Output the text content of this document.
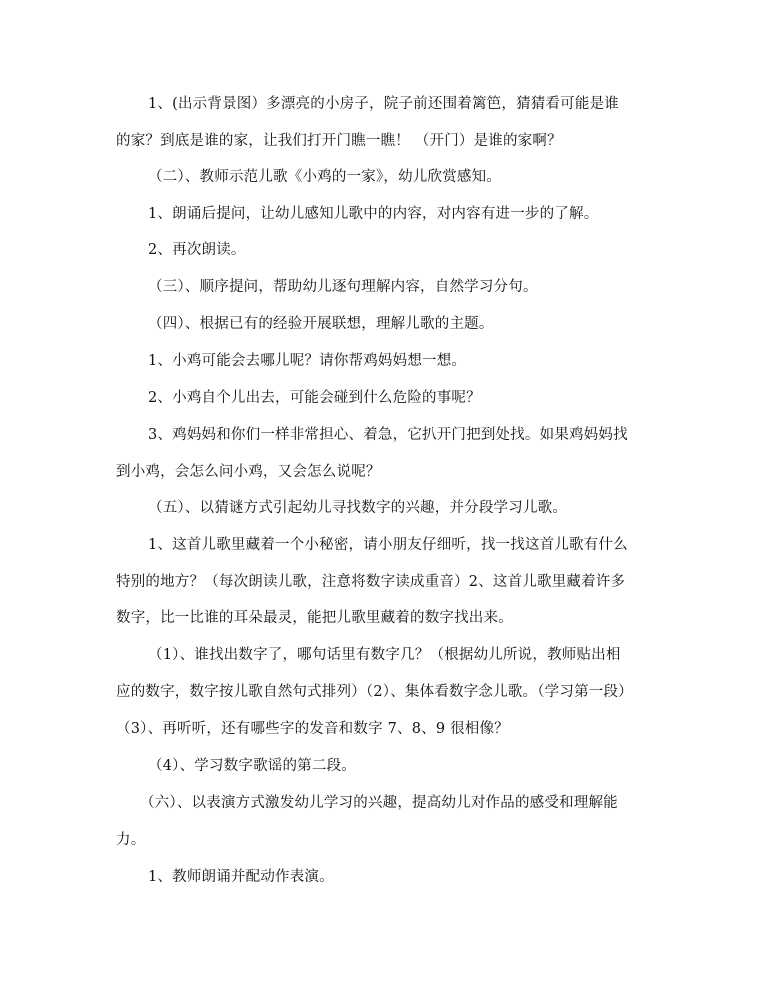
1、(出示背景图）多漂亮的小房子，院子前还围着篱笆，猜猜看可能是谁
的家？到底是谁的家，让我们打开门瞧一瞧！ （开门）是谁的家啊？
（二）、教师示范儿歌《小鸡的一家》，幼儿欣赏感知。
1、朗诵后提问，让幼儿感知儿歌中的内容，对内容有进一步的了解。
2、再次朗读。
（三）、顺序提问，帮助幼儿逐句理解内容，自然学习分句。
（四）、根据已有的经验开展联想，理解儿歌的主题。
1、小鸡可能会去哪儿呢？请你帮鸡妈妈想一想。
2、小鸡自个儿出去，可能会碰到什么危险的事呢？
3、鸡妈妈和你们一样非常担心、着急，它扒开门把到处找。如果鸡妈妈找
到小鸡，会怎么问小鸡，又会怎么说呢？
（五）、以猜谜方式引起幼儿寻找数字的兴趣，并分段学习儿歌。
1、这首儿歌里藏着一个小秘密，请小朋友仔细听，找一找这首儿歌有什么
特别的地方？（每次朗读儿歌，注意将数字读成重音）2、这首儿歌里藏着许多
数字，比一比谁的耳朵最灵，能把儿歌里藏着的数字找出来。
（1）、谁找出数字了，哪句话里有数字几？（根据幼儿所说，教师贴出相
应的数字，数字按儿歌自然句式排列）（2）、集体看数字念儿歌。（学习第一段）
（3）、再听听，还有哪些字的发音和数字 7、8、9 很相像？
（4）、学习数字歌谣的第二段。
（六）、以表演方式激发幼儿学习的兴趣，提高幼儿对作品的感受和理解能
力。
1、教师朗诵并配动作表演。
